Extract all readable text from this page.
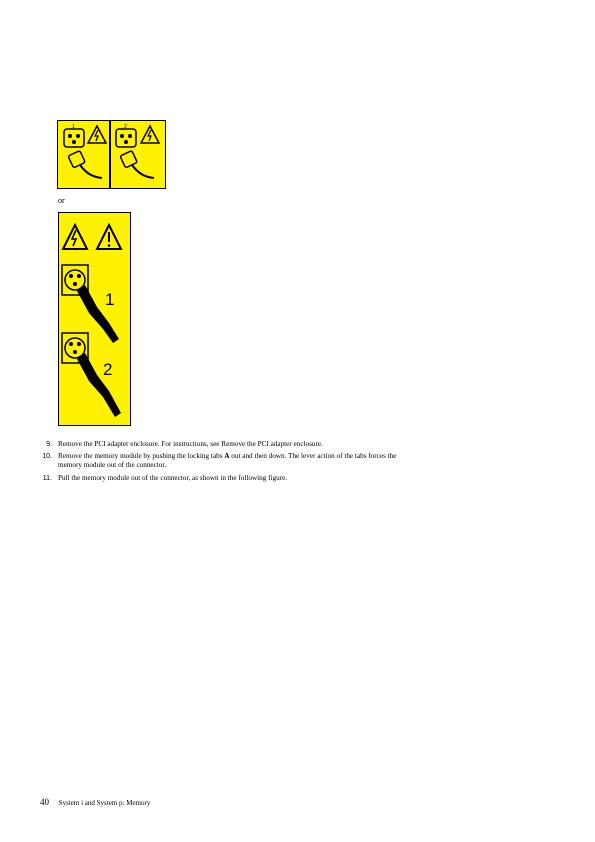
1	2
or
1
2
9. Remove the PCI adapter enclosure. For instructions, see Remove the PCI adapter enclosure.
10. Remove the memory module by pushing the locking tabs A out and then down. The lever action of the tabs forces the memory module out of the connector.
11. Pull the memory module out of the connector, as shown in the following figure.
40 System i and System p: Memory
